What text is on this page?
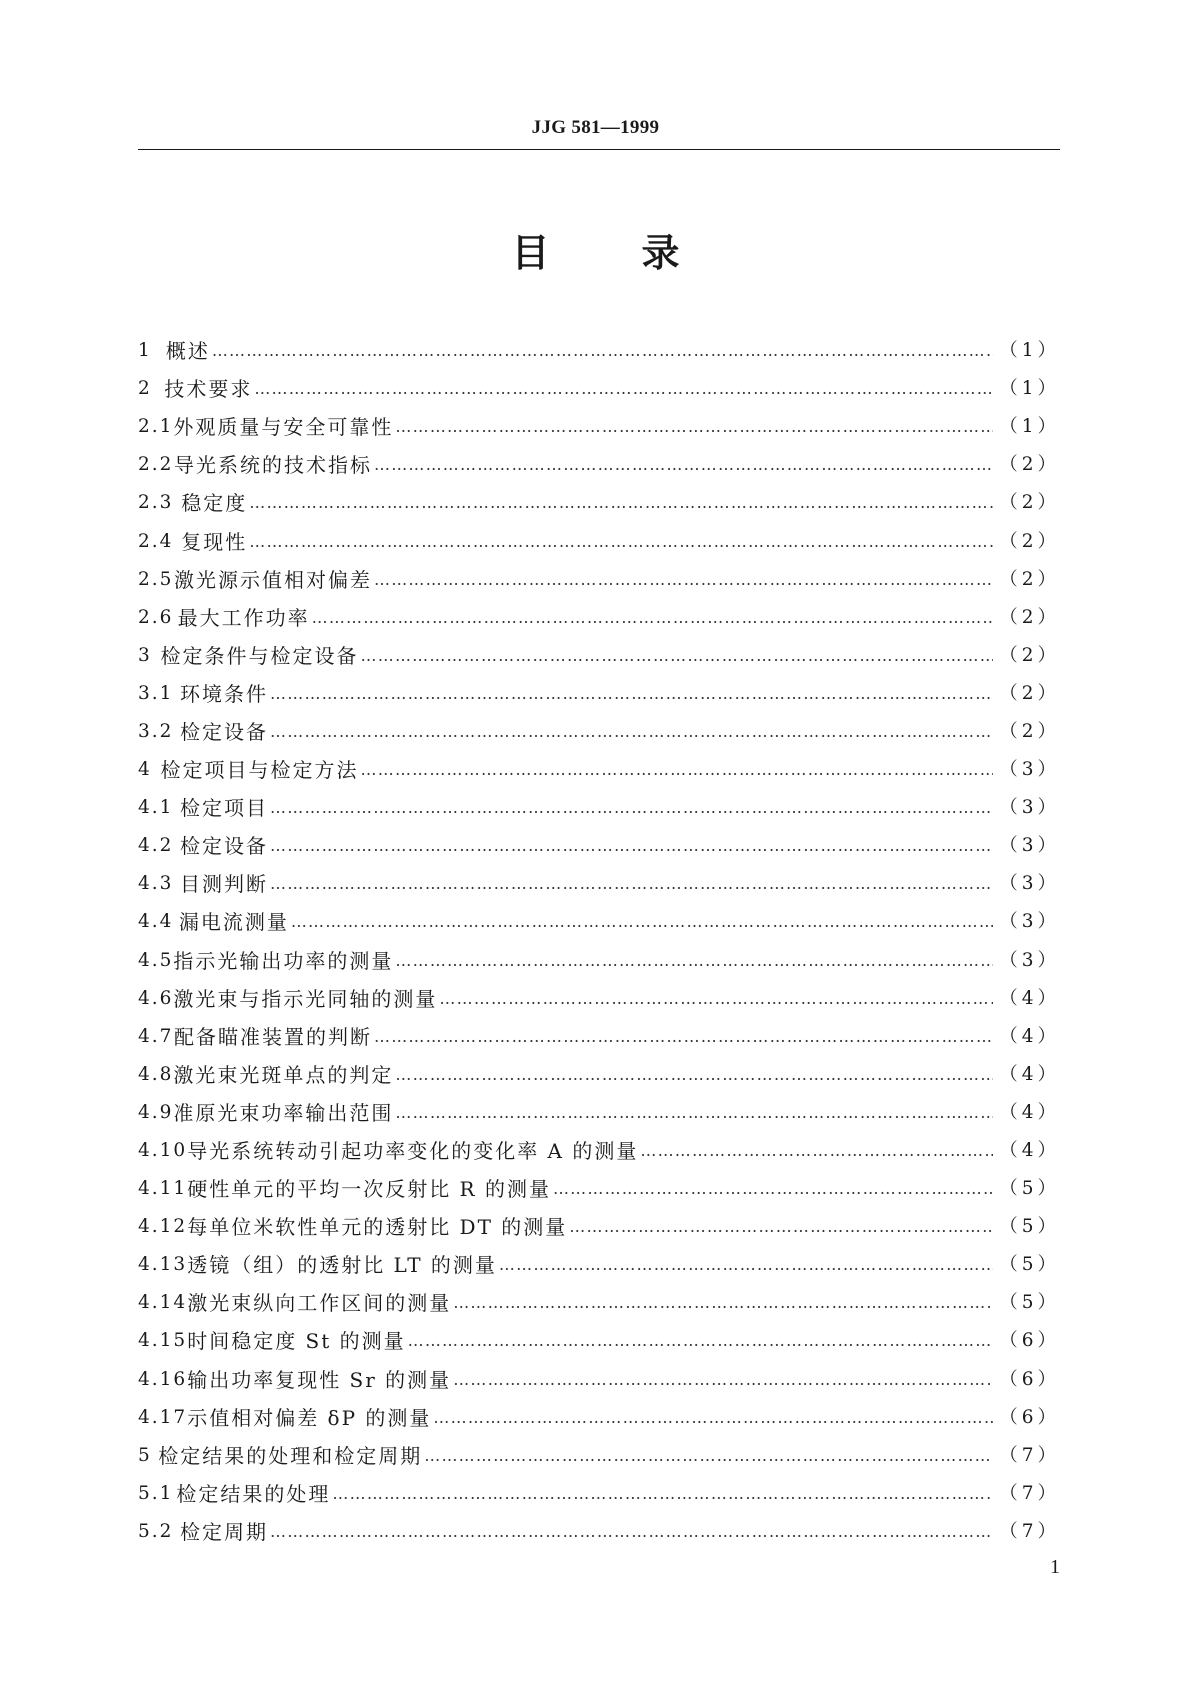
JJG 581—1999
目 录
1 概述 ……………………………………………………………………………………………………………………………………………………………………	（1）
2 技术要求 ……………………………………………………………………………………………………………………………………………………………………	（1）
2.1 外观质量与安全可靠性 ……………………………………………………………………………………………………………………………………………………………………	（1）
2.2 导光系统的技术指标 ……………………………………………………………………………………………………………………………………………………………………	（2）
2.3 稳定度 ……………………………………………………………………………………………………………………………………………………………………	（2）
2.4 复现性 ……………………………………………………………………………………………………………………………………………………………………	（2）
2.5 激光源示值相对偏差 ……………………………………………………………………………………………………………………………………………………………………	（2）
2.6 最大工作功率 ……………………………………………………………………………………………………………………………………………………………………	（2）
3 检定条件与检定设备 ……………………………………………………………………………………………………………………………………………………………………	（2）
3.1 环境条件 ……………………………………………………………………………………………………………………………………………………………………	（2）
3.2 检定设备 ……………………………………………………………………………………………………………………………………………………………………	（2）
4 检定项目与检定方法 ……………………………………………………………………………………………………………………………………………………………………	（3）
4.1 检定项目 ……………………………………………………………………………………………………………………………………………………………………	（3）
4.2 检定设备 ……………………………………………………………………………………………………………………………………………………………………	（3）
4.3 目测判断 ……………………………………………………………………………………………………………………………………………………………………	（3）
4.4 漏电流测量 ……………………………………………………………………………………………………………………………………………………………………	（3）
4.5 指示光输出功率的测量 ……………………………………………………………………………………………………………………………………………………………………	（3）
4.6 激光束与指示光同轴的测量 ……………………………………………………………………………………………………………………………………………………………………	（4）
4.7 配备瞄准装置的判断 ……………………………………………………………………………………………………………………………………………………………………	（4）
4.8 激光束光斑单点的判定 ……………………………………………………………………………………………………………………………………………………………………	（4）
4.9 准原光束功率输出范围 ……………………………………………………………………………………………………………………………………………………………………	（4）
4.10 导光系统转动引起功率变化的变化率 A 的测量 ……………………………………………………………………………………………………………………………………………………………………	（4）
4.11 硬性单元的平均一次反射比 R 的测量 ……………………………………………………………………………………………………………………………………………………………………	（5）
4.12 每单位米软性单元的透射比 DT 的测量 ……………………………………………………………………………………………………………………………………………………………………	（5）
4.13 透镜（组）的透射比 LT 的测量 ……………………………………………………………………………………………………………………………………………………………………	（5）
4.14 激光束纵向工作区间的测量 ……………………………………………………………………………………………………………………………………………………………………	（5）
4.15 时间稳定度 St 的测量 ……………………………………………………………………………………………………………………………………………………………………	（6）
4.16 输出功率复现性 Sr 的测量 ……………………………………………………………………………………………………………………………………………………………………	（6）
4.17 示值相对偏差 δP 的测量 ……………………………………………………………………………………………………………………………………………………………………	（6）
5 检定结果的处理和检定周期 ……………………………………………………………………………………………………………………………………………………………………	（7）
5.1 检定结果的处理 ……………………………………………………………………………………………………………………………………………………………………	（7）
5.2 检定周期 ……………………………………………………………………………………………………………………………………………………………………	（7）
1
